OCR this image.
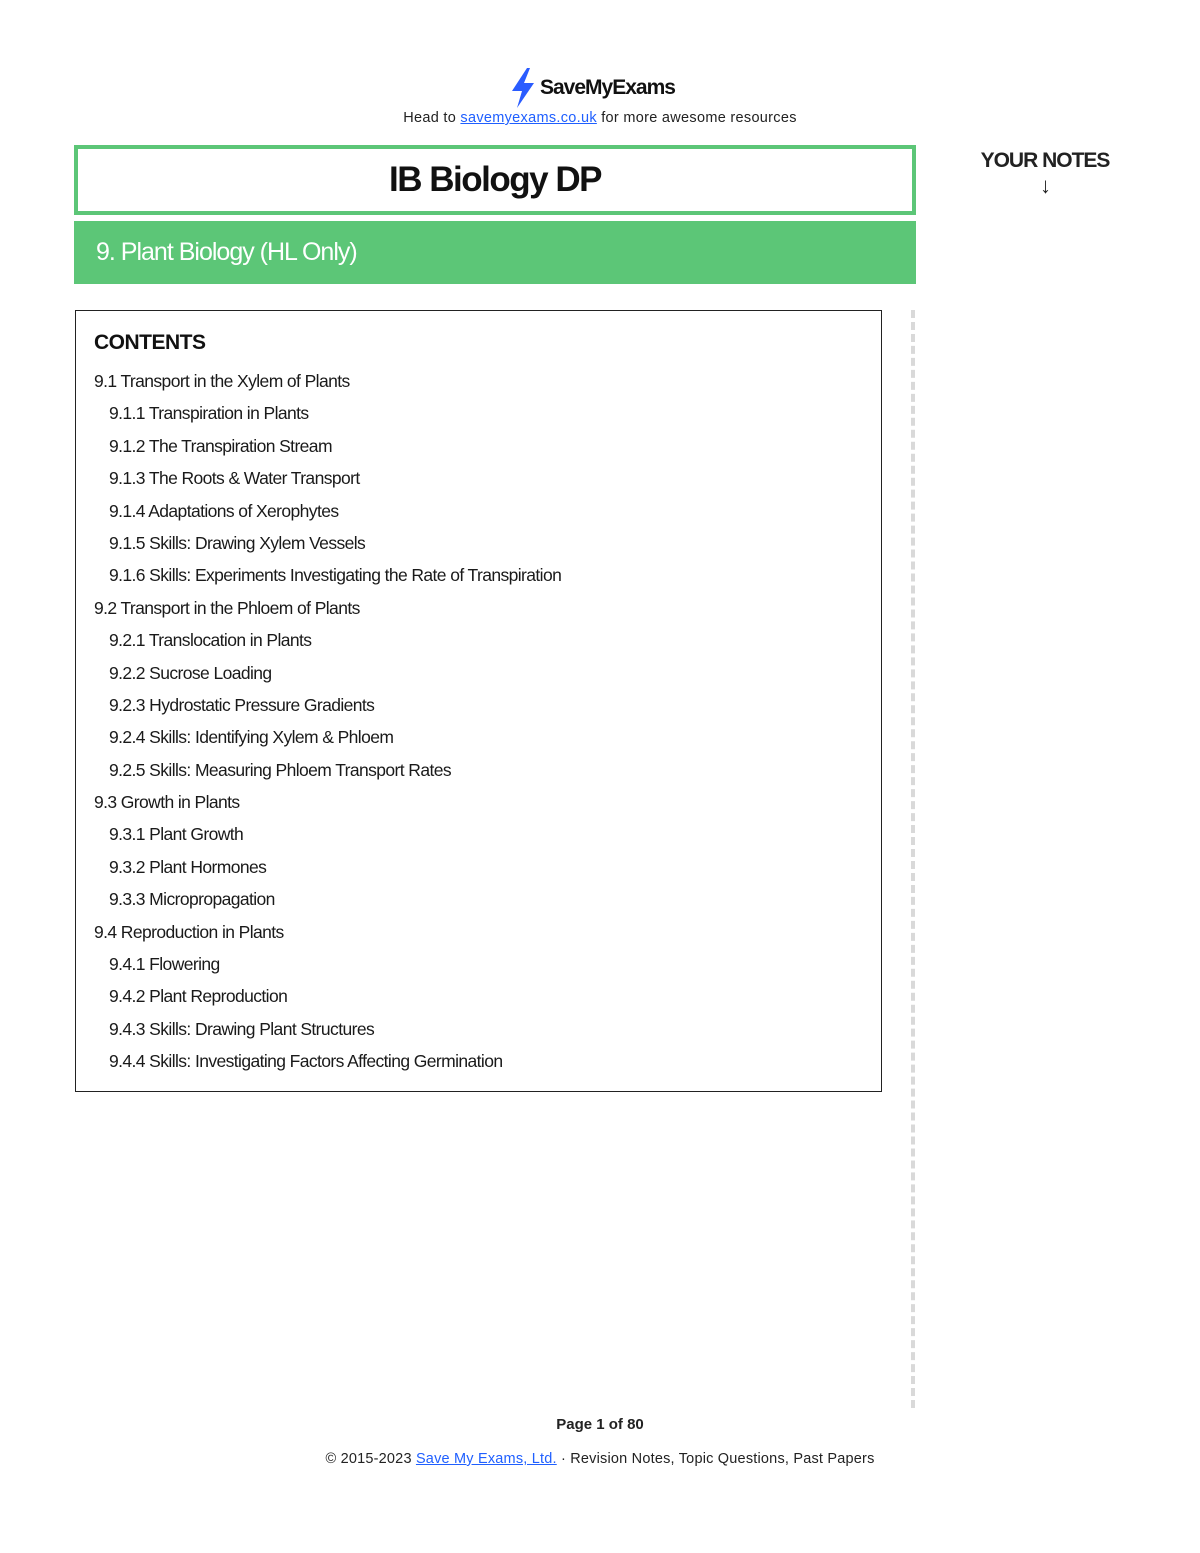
SaveMyExams
Head to savemyexams.co.uk for more awesome resources
IB Biology DP
9. Plant Biology (HL Only)
YOUR NOTES
↓
CONTENTS
9.1 Transport in the Xylem of Plants
9.1.1 Transpiration in Plants
9.1.2 The Transpiration Stream
9.1.3 The Roots & Water Transport
9.1.4 Adaptations of Xerophytes
9.1.5 Skills: Drawing Xylem Vessels
9.1.6 Skills: Experiments Investigating the Rate of Transpiration
9.2 Transport in the Phloem of Plants
9.2.1 Translocation in Plants
9.2.2 Sucrose Loading
9.2.3 Hydrostatic Pressure Gradients
9.2.4 Skills: Identifying Xylem & Phloem
9.2.5 Skills: Measuring Phloem Transport Rates
9.3 Growth in Plants
9.3.1 Plant Growth
9.3.2 Plant Hormones
9.3.3 Micropropagation
9.4 Reproduction in Plants
9.4.1 Flowering
9.4.2 Plant Reproduction
9.4.3 Skills: Drawing Plant Structures
9.4.4 Skills: Investigating Factors Affecting Germination
Page 1 of 80
© 2015-2023 Save My Exams, Ltd. · Revision Notes, Topic Questions, Past Papers
